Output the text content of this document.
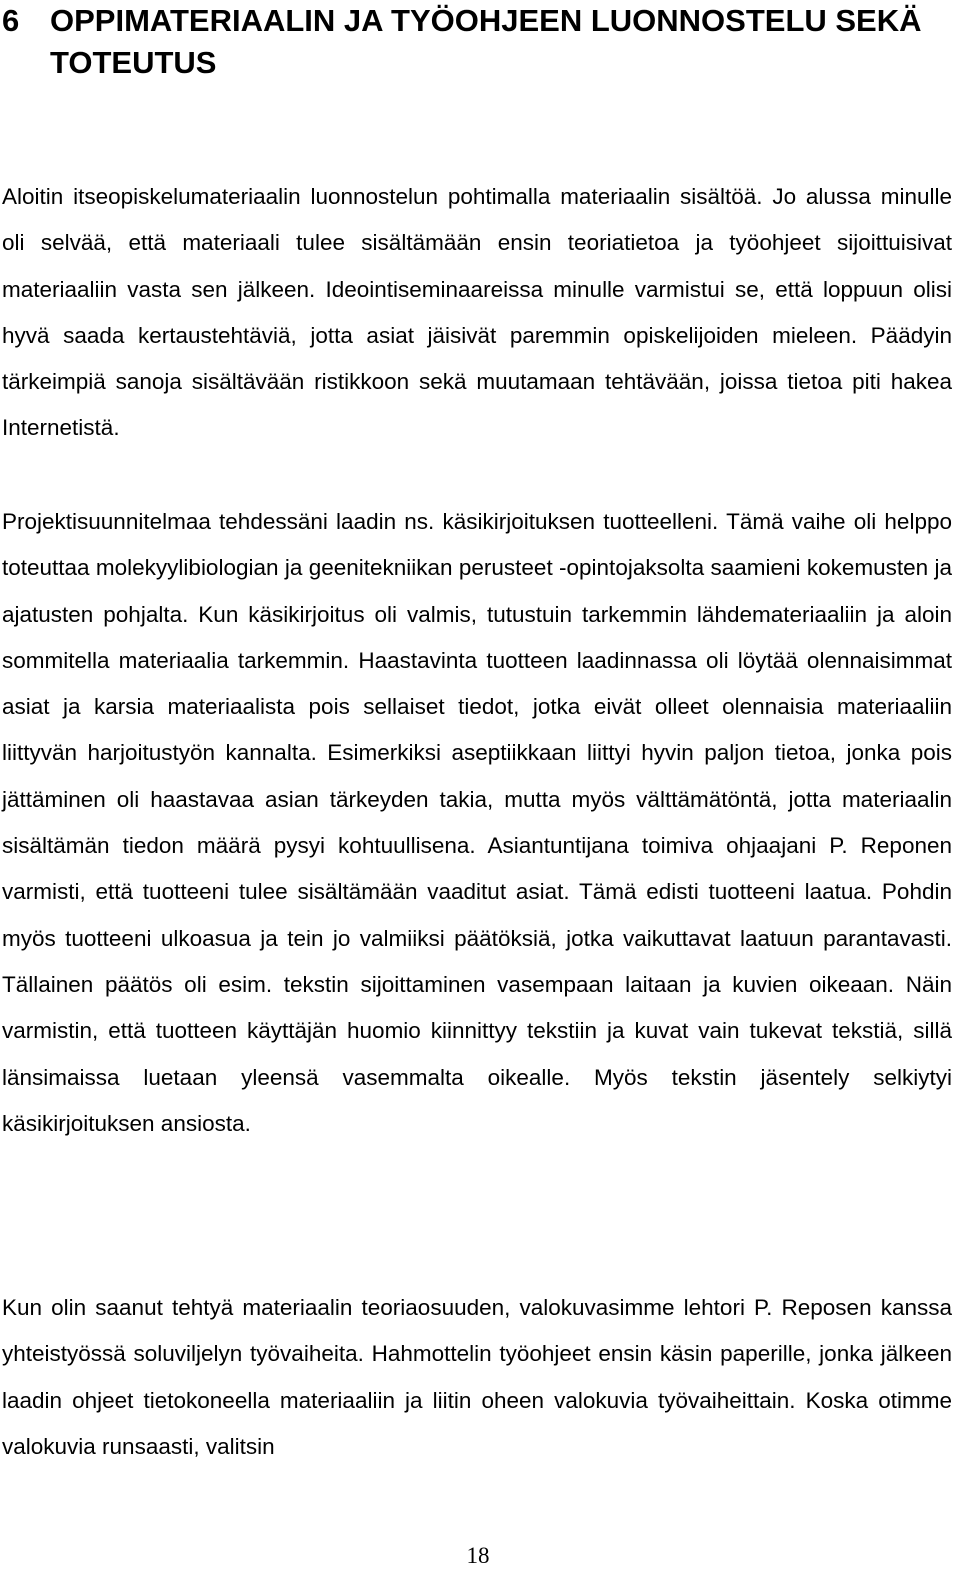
6 OPPIMATERIAALIN JA TYÖOHJEEN LUONNOSTELU SEKÄ TOTEUTUS
Aloitin itseopiskelumateriaalin luonnostelun pohtimalla materiaalin sisältöä. Jo alussa minulle oli selvää, että materiaali tulee sisältämään ensin teoriatietoa ja työohjeet sijoittuisivat materiaaliin vasta sen jälkeen. Ideointiseminaareissa minulle varmistui se, että loppuun olisi hyvä saada kertaustehtäviä, jotta asiat jäisivät paremmin opiskelijoiden mieleen. Päädyin tärkeimpiä sanoja sisältävään ristikkoon sekä muutamaan tehtävään, joissa tietoa piti hakea Internetistä.
Projektisuunnitelmaa tehdessäni laadin ns. käsikirjoituksen tuotteelleni. Tämä vaihe oli helppo toteuttaa molekyylibiologian ja geenitekniikan perusteet -opintojaksolta saamieni kokemusten ja ajatusten pohjalta. Kun käsikirjoitus oli valmis, tutustuin tarkemmin lähdemateriaaliin ja aloin sommitella materiaalia tarkemmin. Haastavinta tuotteen laadinnassa oli löytää olennaisimmat asiat ja karsia materiaalista pois sellaiset tiedot, jotka eivät olleet olennaisia materiaaliin liittyvän harjoitustyön kannalta. Esimerkiksi aseptiikkaan liittyi hyvin paljon tietoa, jonka pois jättäminen oli haastavaa asian tärkeyden takia, mutta myös välttämätöntä, jotta materiaalin sisältämän tiedon määrä pysyi kohtuullisena. Asiantuntijana toimiva ohjaajani P. Reponen varmisti, että tuotteeni tulee sisältämään vaaditut asiat. Tämä edisti tuotteeni laatua. Pohdin myös tuotteeni ulkoasua ja tein jo valmiiksi päätöksiä, jotka vaikuttavat laatuun parantavasti. Tällainen päätös oli esim. tekstin sijoittaminen vasempaan laitaan ja kuvien oikeaan. Näin varmistin, että tuotteen käyttäjän huomio kiinnittyy tekstiin ja kuvat vain tukevat tekstiä, sillä länsimaissa luetaan yleensä vasemmalta oikealle. Myös tekstin jäsentely selkiytyi käsikirjoituksen ansiosta.
Kun olin saanut tehtyä materiaalin teoriaosuuden, valokuvasimme lehtori P. Reposen kanssa yhteistyössä soluviljelyn työvaiheita. Hahmottelin työohjeet ensin käsin paperille, jonka jälkeen laadin ohjeet tietokoneella materiaaliin ja liitin oheen valokuvia työvaiheittain. Koska otimme valokuvia runsaasti, valitsin
18
